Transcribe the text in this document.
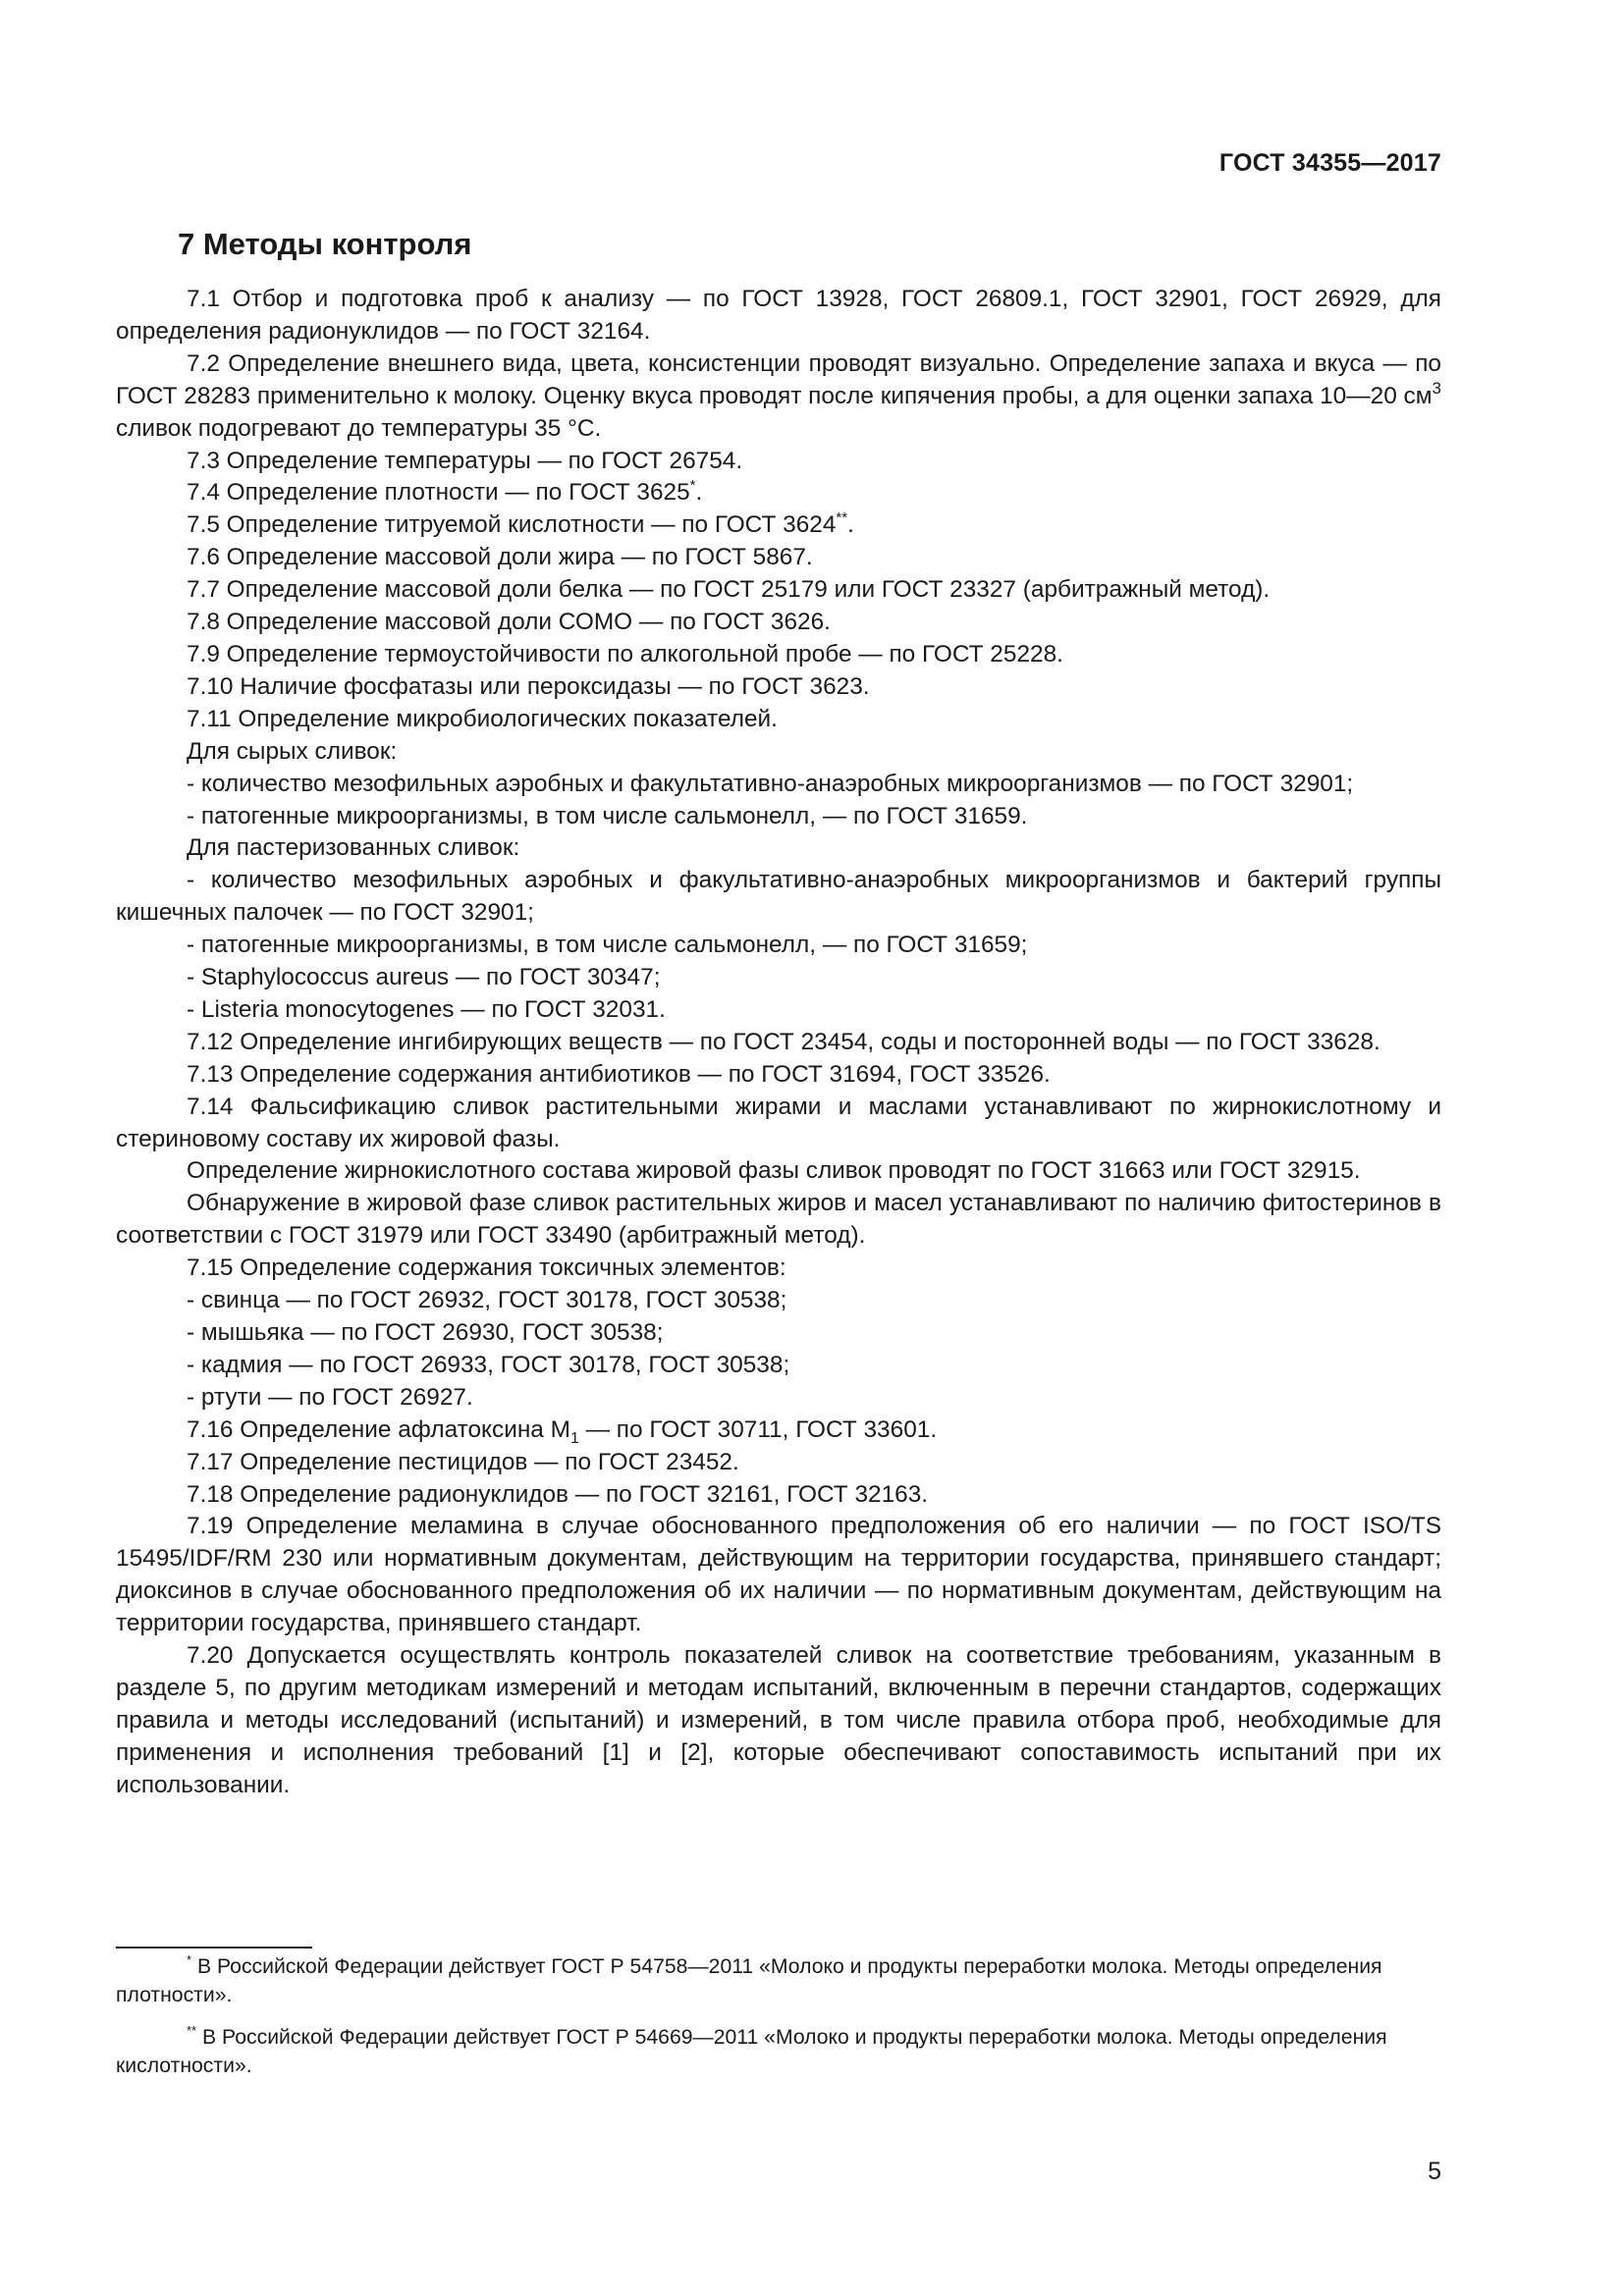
ГОСТ 34355—2017
7 Методы контроля

7.1 Отбор и подготовка проб к анализу — по ГОСТ 13928, ГОСТ 26809.1, ГОСТ 32901, ГОСТ 26929, для определения радионуклидов — по ГОСТ 32164.

7.2 Определение внешнего вида, цвета, консистенции проводят визуально. Определение запаха и вкуса — по ГОСТ 28283 применительно к молоку. Оценку вкуса проводят после кипячения пробы, а для оценки запаха 10—20 $см^3$ сливок подогревают до температуры 35 °C.

7.3 Определение температуры — по ГОСТ 26754.

7.4 Определение плотности — по ГОСТ 3625*.

7.5 Определение титруемой кислотности — по ГОСТ 3624**.

7.6 Определение массовой доли жира — по ГОСТ 5867.

7.7 Определение массовой доли белка — по ГОСТ 25179 или ГОСТ 23327 (арбитражный метод).

7.8 Определение массовой доли СОМО — по ГОСТ 3626.

7.9 Определение термоустойчивости по алкогольной пробе — по ГОСТ 25228.

7.10 Наличие фосфатазы или пероксидазы — по ГОСТ 3623.

7.11 Определение микробиологических показателей.

Для сырых сливок:

- количество мезофильных аэробных и факультативно-анаэробных микроорганизмов — по ГОСТ 32901;

- патогенные микроорганизмы, в том числе сальмонелл, — по ГОСТ 31659.

Для пастеризованных сливок:

- количество мезофильных аэробных и факультативно-анаэробных микроорганизмов и бактерий группы кишечных палочек — по ГОСТ 32901;

- патогенные микроорганизмы, в том числе сальмонелл, — по ГОСТ 31659;

- Staphylococcus aureus — по ГОСТ 30347;

- Listeria monocytogenes — по ГОСТ 32031.

7.12 Определение ингибирующих веществ — по ГОСТ 23454, соды и посторонней воды — по ГОСТ 33628.

7.13 Определение содержания антибиотиков — по ГОСТ 31694, ГОСТ 33526.

7.14 Фальсификацию сливок растительными жирами и маслами устанавливают по жирнокислотному и стериновому составу их жировой фазы.

Определение жирнокислотного состава жировой фазы сливок проводят по ГОСТ 31663 или ГОСТ 32915.

Обнаружение в жировой фазе сливок растительных жиров и масел устанавливают по наличию фитостеринов в соответствии с ГОСТ 31979 или ГОСТ 33490 (арбитражный метод).

7.15 Определение содержания токсичных элементов:

- свинца — по ГОСТ 26932, ГОСТ 30178, ГОСТ 30538;

- мышьяка — по ГОСТ 26930, ГОСТ 30538;

- кадмия — по ГОСТ 26933, ГОСТ 30178, ГОСТ 30538;

- ртути — по ГОСТ 26927.

7.16 Определение афлатоксина $М_1$ — по ГОСТ 30711, ГОСТ 33601.

7.17 Определение пестицидов — по ГОСТ 23452.

7.18 Определение радионуклидов — по ГОСТ 32161, ГОСТ 32163.

7.19 Определение меламина в случае обоснованного предположения об его наличии — по ГОСТ ISO/TS 15495/IDF/RM 230 или нормативным документам, действующим на территории государства, принявшего стандарт; диоксинов в случае обоснованного предположения об их наличии — по нормативным документам, действующим на территории государства, принявшего стандарт.

7.20 Допускается осуществлять контроль показателей сливок на соответствие требованиям, указанным в разделе 5, по другим методикам измерений и методам испытаний, включенным в перечни стандартов, содержащих правила и методы исследований (испытаний) и измерений, в том числе правила отбора проб, необходимые для применения и исполнения требований [1] и [2], которые обеспечивают сопоставимость испытаний при их использовании.

* В Российской Федерации действует ГОСТ Р 54758—2011 «Молоко и продукты переработки молока. Методы определения плотности».

** В Российской Федерации действует ГОСТ Р 54669—2011 «Молоко и продукты переработки молока. Методы определения кислотности».

5
